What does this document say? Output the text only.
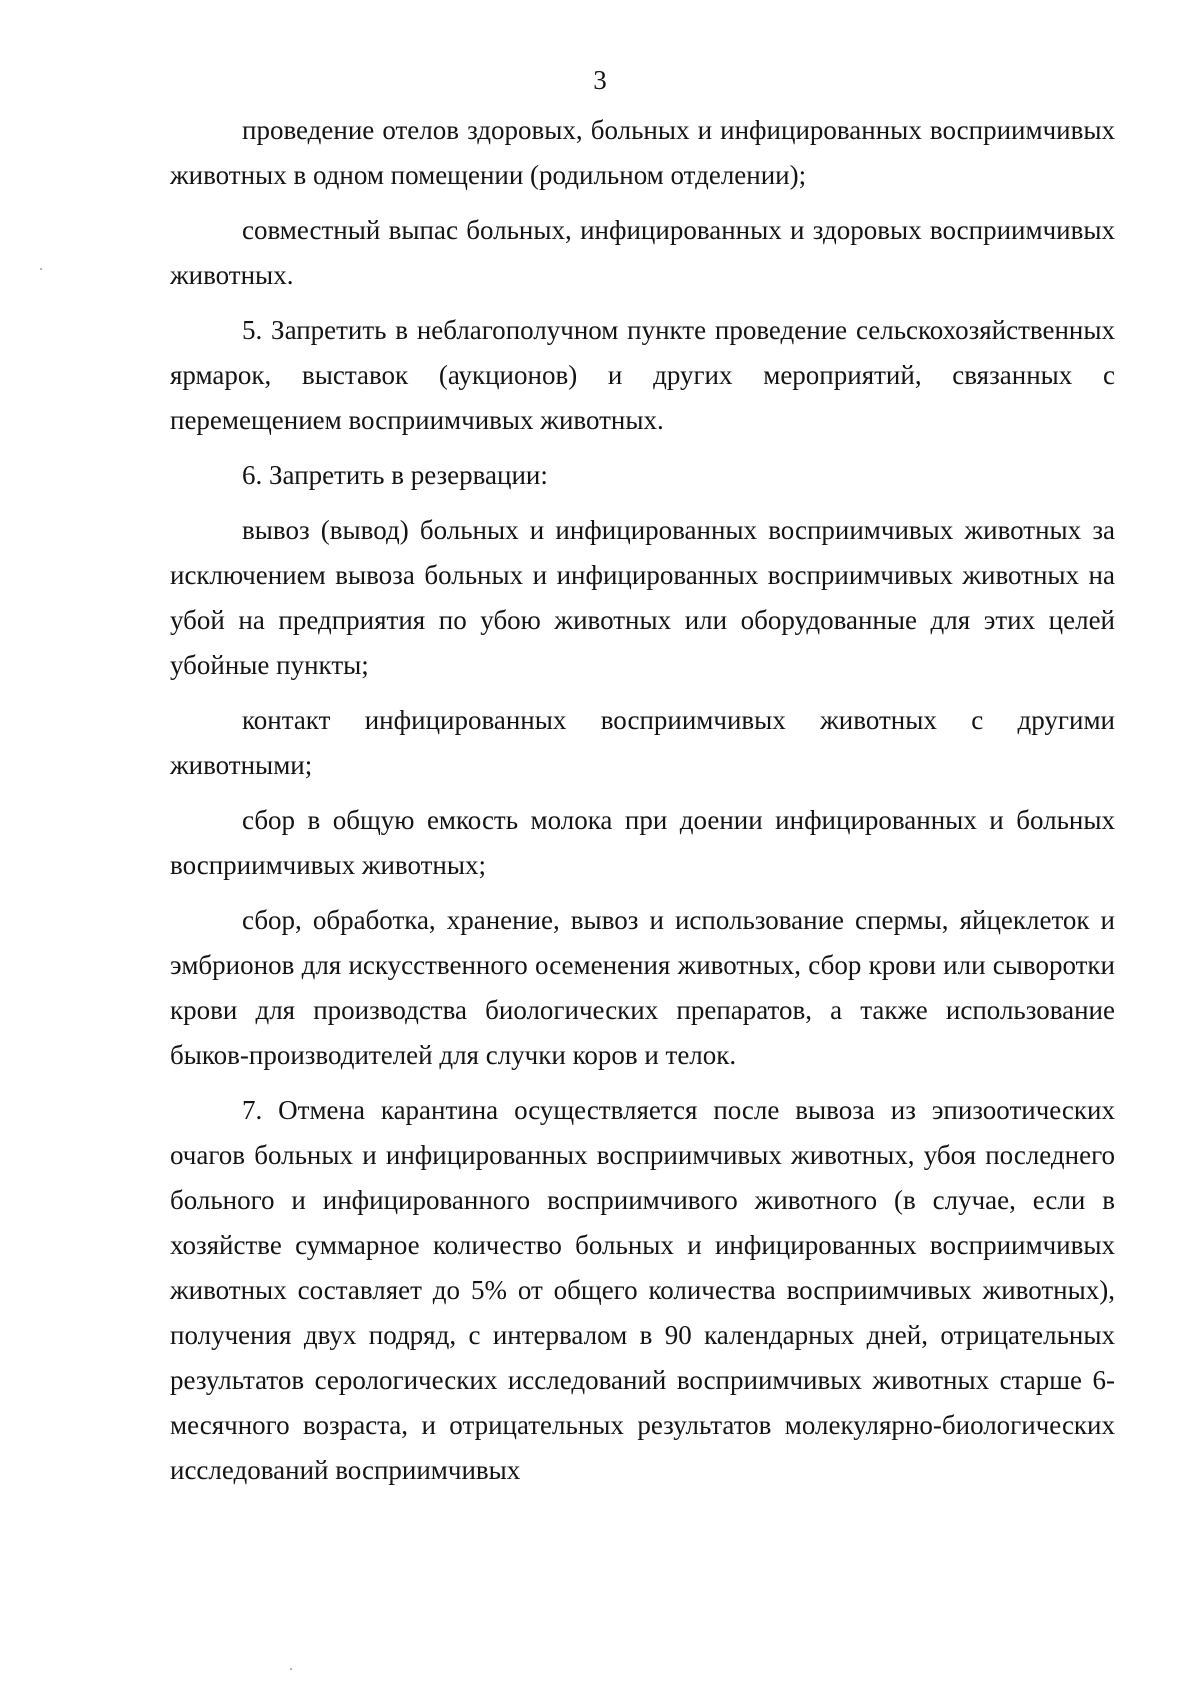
3

проведение отелов здоровых, больных и инфицированных восприимчивых животных в одном помещении (родильном отделении);

совместный выпас больных, инфицированных и здоровых восприимчивых животных.

5. Запретить в неблагополучном пункте проведение сельскохозяйственных ярмарок, выставок (аукционов) и других мероприятий, связанных с перемещением восприимчивых животных.

6. Запретить в резервации:

вывоз (вывод) больных и инфицированных восприимчивых животных за исключением вывоза больных и инфицированных восприимчивых животных на убой на предприятия по убою животных или оборудованные для этих целей убойные пункты;

контакт инфицированных восприимчивых животных с другими животными;

сбор в общую емкость молока при доении инфицированных и больных восприимчивых животных;

сбор, обработка, хранение, вывоз и использование спермы, яйцеклеток и эмбрионов для искусственного осеменения животных, сбор крови или сыворотки крови для производства биологических препаратов, а также использование быков-производителей для случки коров и телок.

7. Отмена карантина осуществляется после вывоза из эпизоотических очагов больных и инфицированных восприимчивых животных, убоя последнего больного и инфицированного восприимчивого животного (в случае, если в хозяйстве суммарное количество больных и инфицированных восприимчивых животных составляет до 5% от общего количества восприимчивых животных), получения двух подряд, с интервалом в 90 календарных дней, отрицательных результатов серологических исследований восприимчивых животных старше 6-месячного возраста, и отрицательных результатов молекулярно-биологических исследований восприимчивых
